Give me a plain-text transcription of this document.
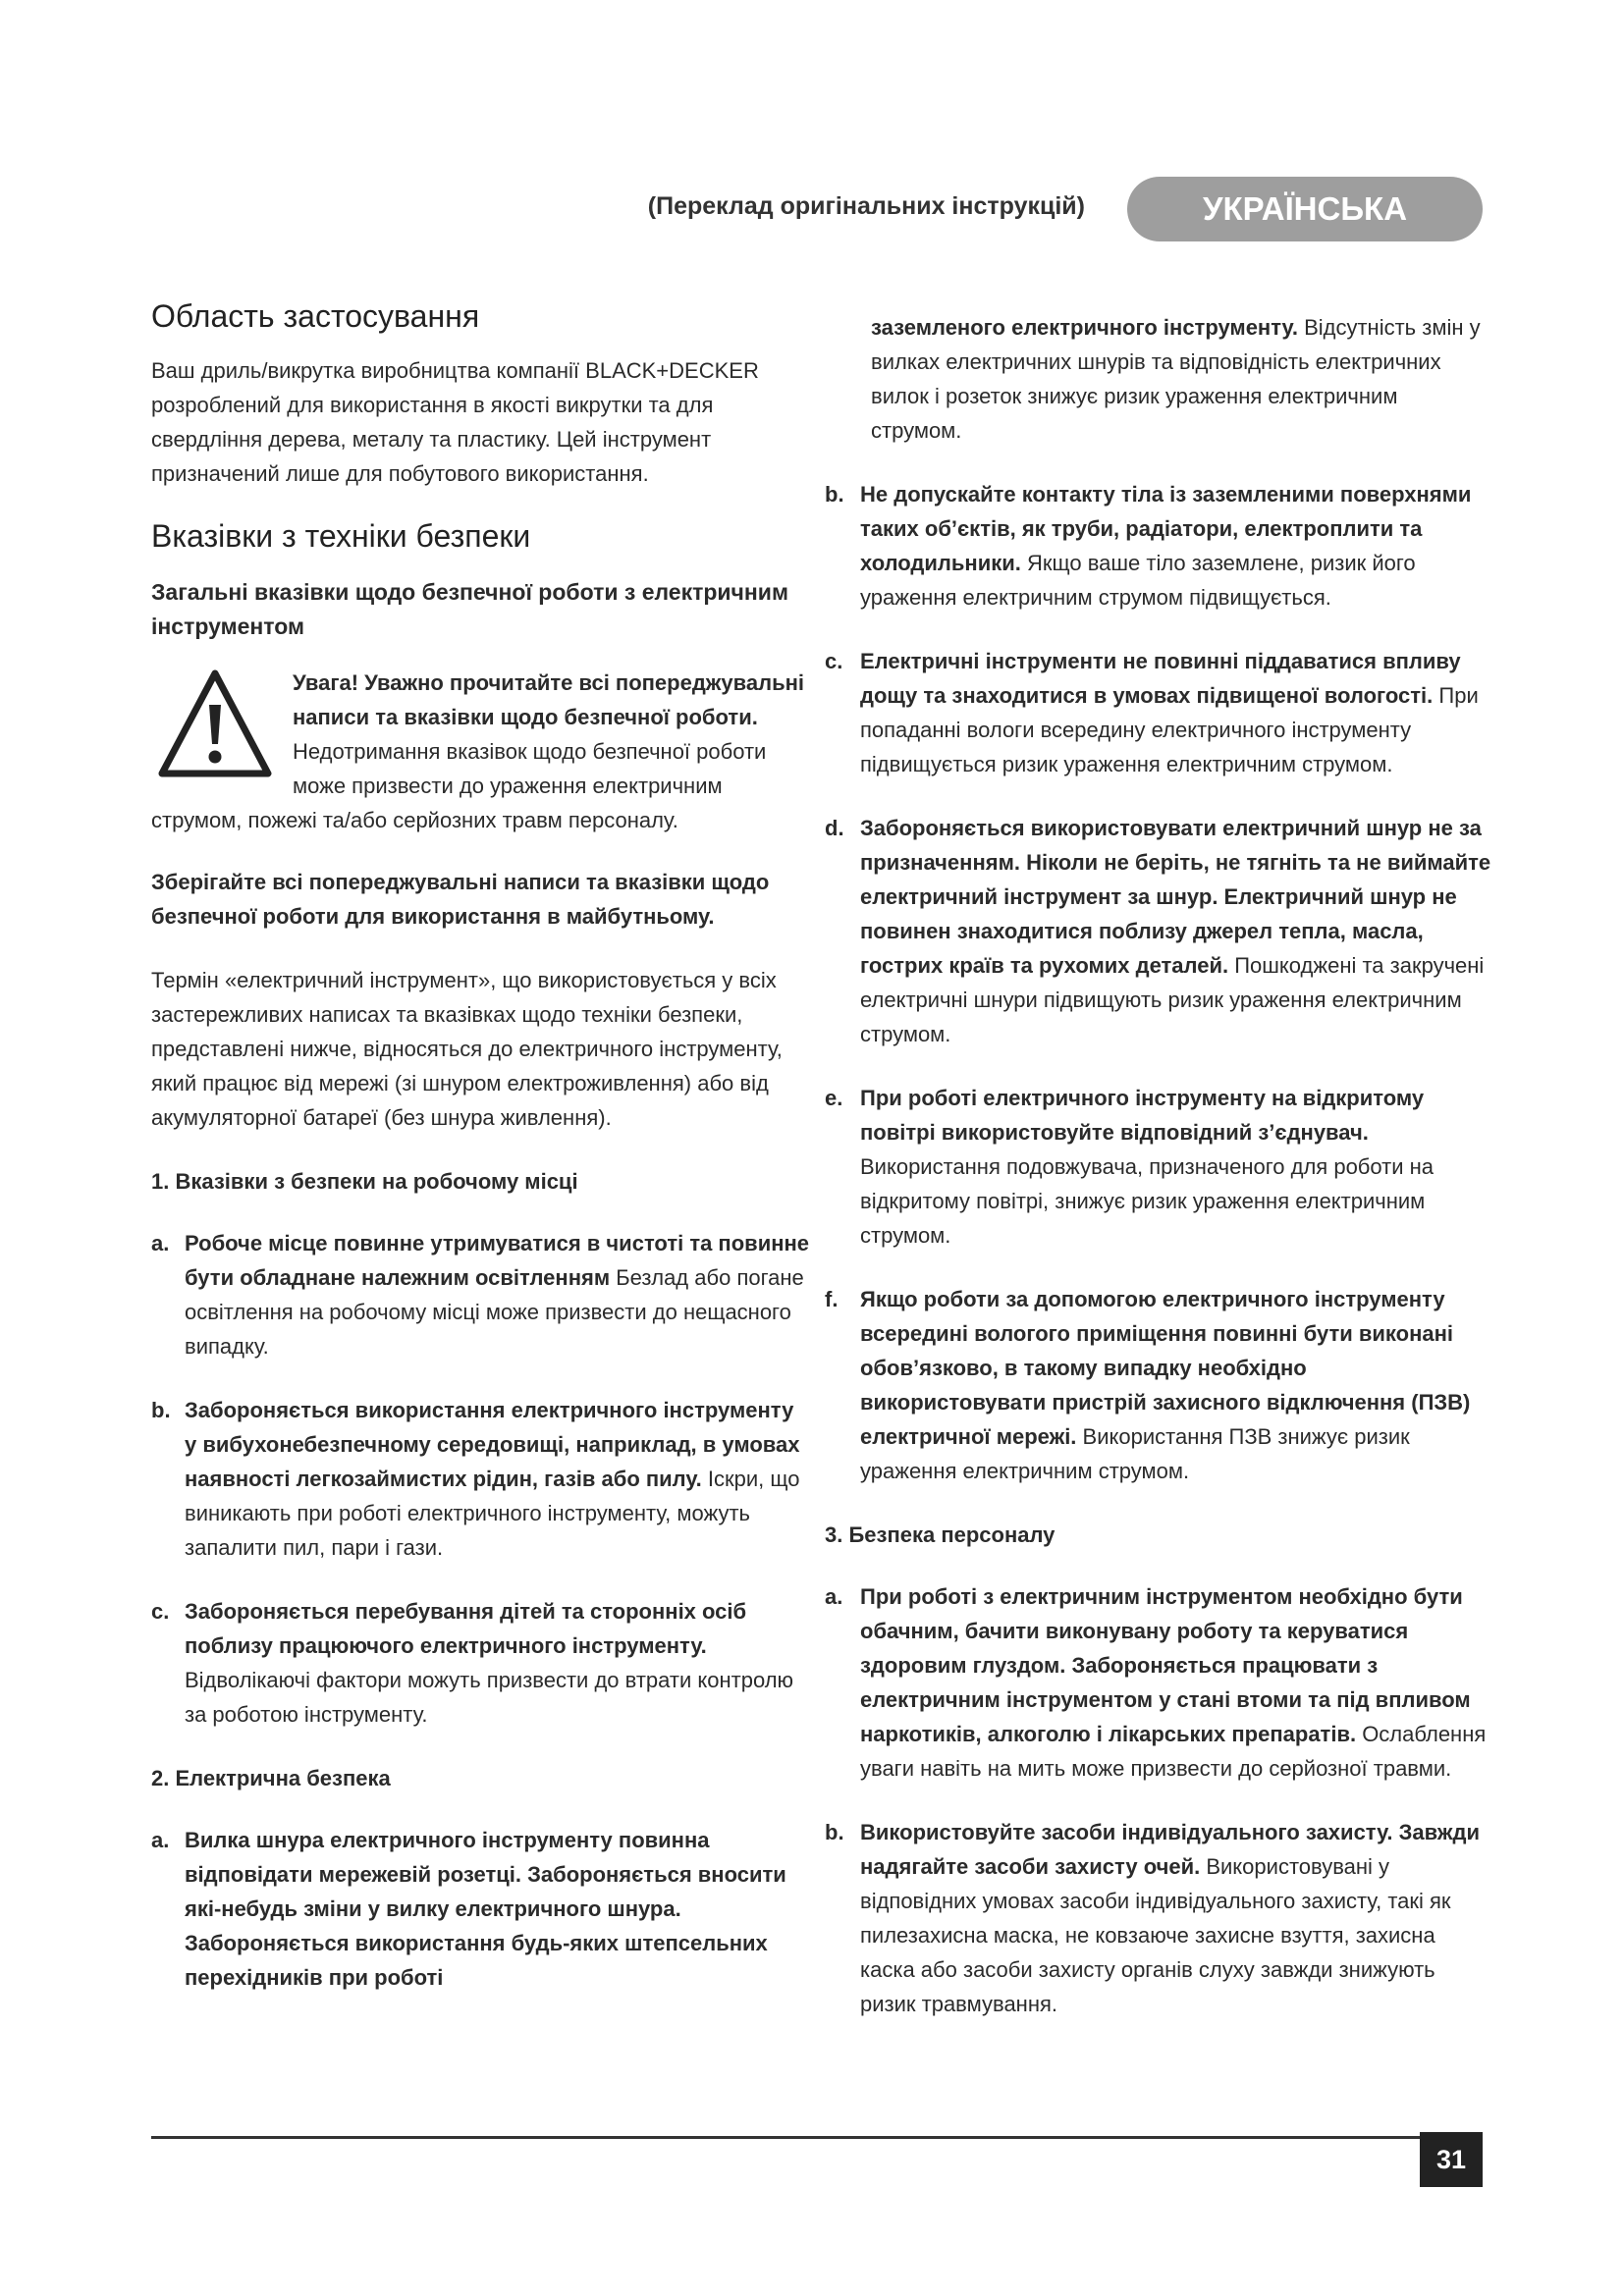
(Переклад оригінальних інструкцій)	УКРАЇНСЬКА
Область застосування

Ваш дриль/викрутка виробництва компанії BLACK+DECKER розроблений для використання в якості викрутки та для свердління дерева, металу та пластику. Цей інструмент призначений лише для побутового використання.

Вказівки з техніки безпеки

Загальні вказівки щодо безпечної роботи з електричним інструментом

Увага! Уважно прочитайте всі попереджувальні написи та вказівки щодо безпечної роботи. Недотримання вказівок щодо безпечної роботи може призвести до ураження електричним струмом, пожежі та/або серйозних травм персоналу.

Зберігайте всі попереджувальні написи та вказівки щодо безпечної роботи для використання в майбутньому.

Термін «електричний інструмент», що використовується у всіх застережливих написах та вказівках щодо техніки безпеки, представлені нижче, відносяться до електричного інструменту, який працює від мережі (зі шнуром електроживлення) або від акумуляторної батареї (без шнура живлення).

1. Вказівки з безпеки на робочому місці

a. Робоче місце повинне утримуватися в чистоті та повинне бути обладнане належним освітленням Безлад або погане освітлення на робочому місці може призвести до нещасного випадку.
b. Забороняється використання електричного інструменту у вибухонебезпечному середовищі, наприклад, в умовах наявності легкозаймистих рідин, газів або пилу. Іскри, що виникають при роботі електричного інструменту, можуть запалити пил, пари і гази.
c. Забороняється перебування дітей та сторонніх осіб поблизу працюючого електричного інструменту. Відволікаючі фактори можуть призвести до втрати контролю за роботою інструменту.

2. Електрична безпека

a. Вилка шнура електричного інструменту повинна відповідати мережевій розетці. Забороняється вносити які-небудь зміни у вилку електричного шнура. Забороняється використання будь-яких штепсельних перехідників при роботі

заземленого електричного інструменту. Відсутність змін у вилках електричних шнурів та відповідність електричних вилок і розеток знижує ризик ураження електричним струмом.

b. Не допускайте контакту тіла із заземленими поверхнями таких об’єктів, як труби, радіатори, електроплити та холодильники. Якщо ваше тіло заземлене, ризик його ураження електричним струмом підвищується.
c. Електричні інструменти не повинні піддаватися впливу дощу та знаходитися в умовах підвищеної вологості. При попаданні вологи всередину електричного інструменту підвищується ризик ураження електричним струмом.
d. Забороняється використовувати електричний шнур не за призначенням. Ніколи не беріть, не тягніть та не виймайте електричний інструмент за шнур. Електричний шнур не повинен знаходитися поблизу джерел тепла, масла, гострих країв та рухомих деталей. Пошкоджені та закручені електричні шнури підвищують ризик ураження електричним струмом.
e. При роботі електричного інструменту на відкритому повітрі використовуйте відповідний з’єднувач. Використання подовжувача, призначеного для роботи на відкритому повітрі, знижує ризик ураження електричним струмом.
f.	Якщо роботи за допомогою електричного інструменту всередині вологого приміщення повинні бути виконані обов’язково, в такому випадку необхідно використовувати пристрій захисного відключення (ПЗВ) електричної мережі. Використання ПЗВ знижує ризик ураження електричним струмом.

3. Безпека персоналу

a. При роботі з електричним інструментом необхідно бути обачним, бачити виконувану роботу та керуватися здоровим глуздом. Забороняється працювати з електричним інструментом у стані втоми та під впливом наркотиків, алкоголю і лікарських препаратів. Ослаблення уваги навіть на мить може призвести до серйозної травми.
b. Використовуйте засоби індивідуального захисту. Завжди надягайте засоби захисту очей. Використовувані у відповідних умовах засоби індивідуального захисту, такі як пилезахисна маска, не ковзаюче захисне взуття, захисна каска або засоби захисту органів слуху завжди знижують ризик травмування.
31
